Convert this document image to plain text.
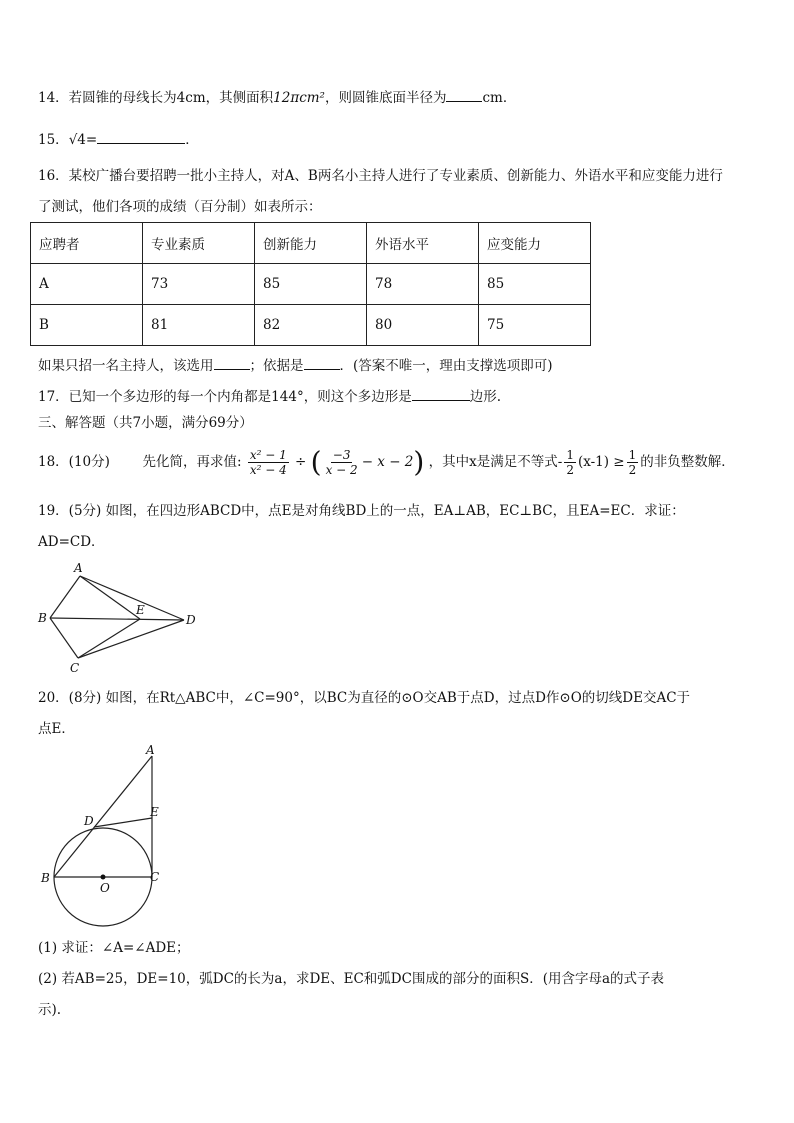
14．若圆锥的母线长为4cm，其侧面积12πcm²，则圆锥底面半径为	cm．
15．√4=	．
16．某校广播台要招聘一批小主持人，对A、B两名小主持人进行了专业素质、创新能力、外语水平和应变能力进行
了测试，他们各项的成绩（百分制）如表所示：
应聘者	专业素质	创新能力	外语水平	应变能力
A	73	85	78	85
B	81	82	80	75
如果只招一名主持人，该选用	；依据是	．(答案不唯一，理由支撑选项即可)
17．已知一个多边形的每一个内角都是144°，则这个多边形是	边形.
三、解答题（共7小题，满分69分）
18．(10分) 先化简，再求值: $\frac{\text{x² − 1}}{\text{x² − 4}}$ ÷ ( $\frac{-3}{x - 2} - x - 2$) ，其中x是满足不等式- $\frac{1}{2} (x-1) \ge \frac{1}{2}$ 的非负整数解．
19．(5分) 如图，在四边形ABCD中，点E是对角线BD上的一点，EA⊥AB，EC⊥BC，且EA=EC．求证：
AD=CD．
A
B
C
D
E
20．(8分) 如图，在Rt△ABC中，∠C=90°，以BC为直径的⊙O交AB于点D，过点D作⊙O的切线DE交AC于
点E．
A
B	C
D
E
O
(1) 求证：∠A=∠ADE；
(2) 若AB=25，DE=10，弧DC的长为a，求DE、EC和弧DC围成的部分的面积S．(用含字母a的式子表
示).
